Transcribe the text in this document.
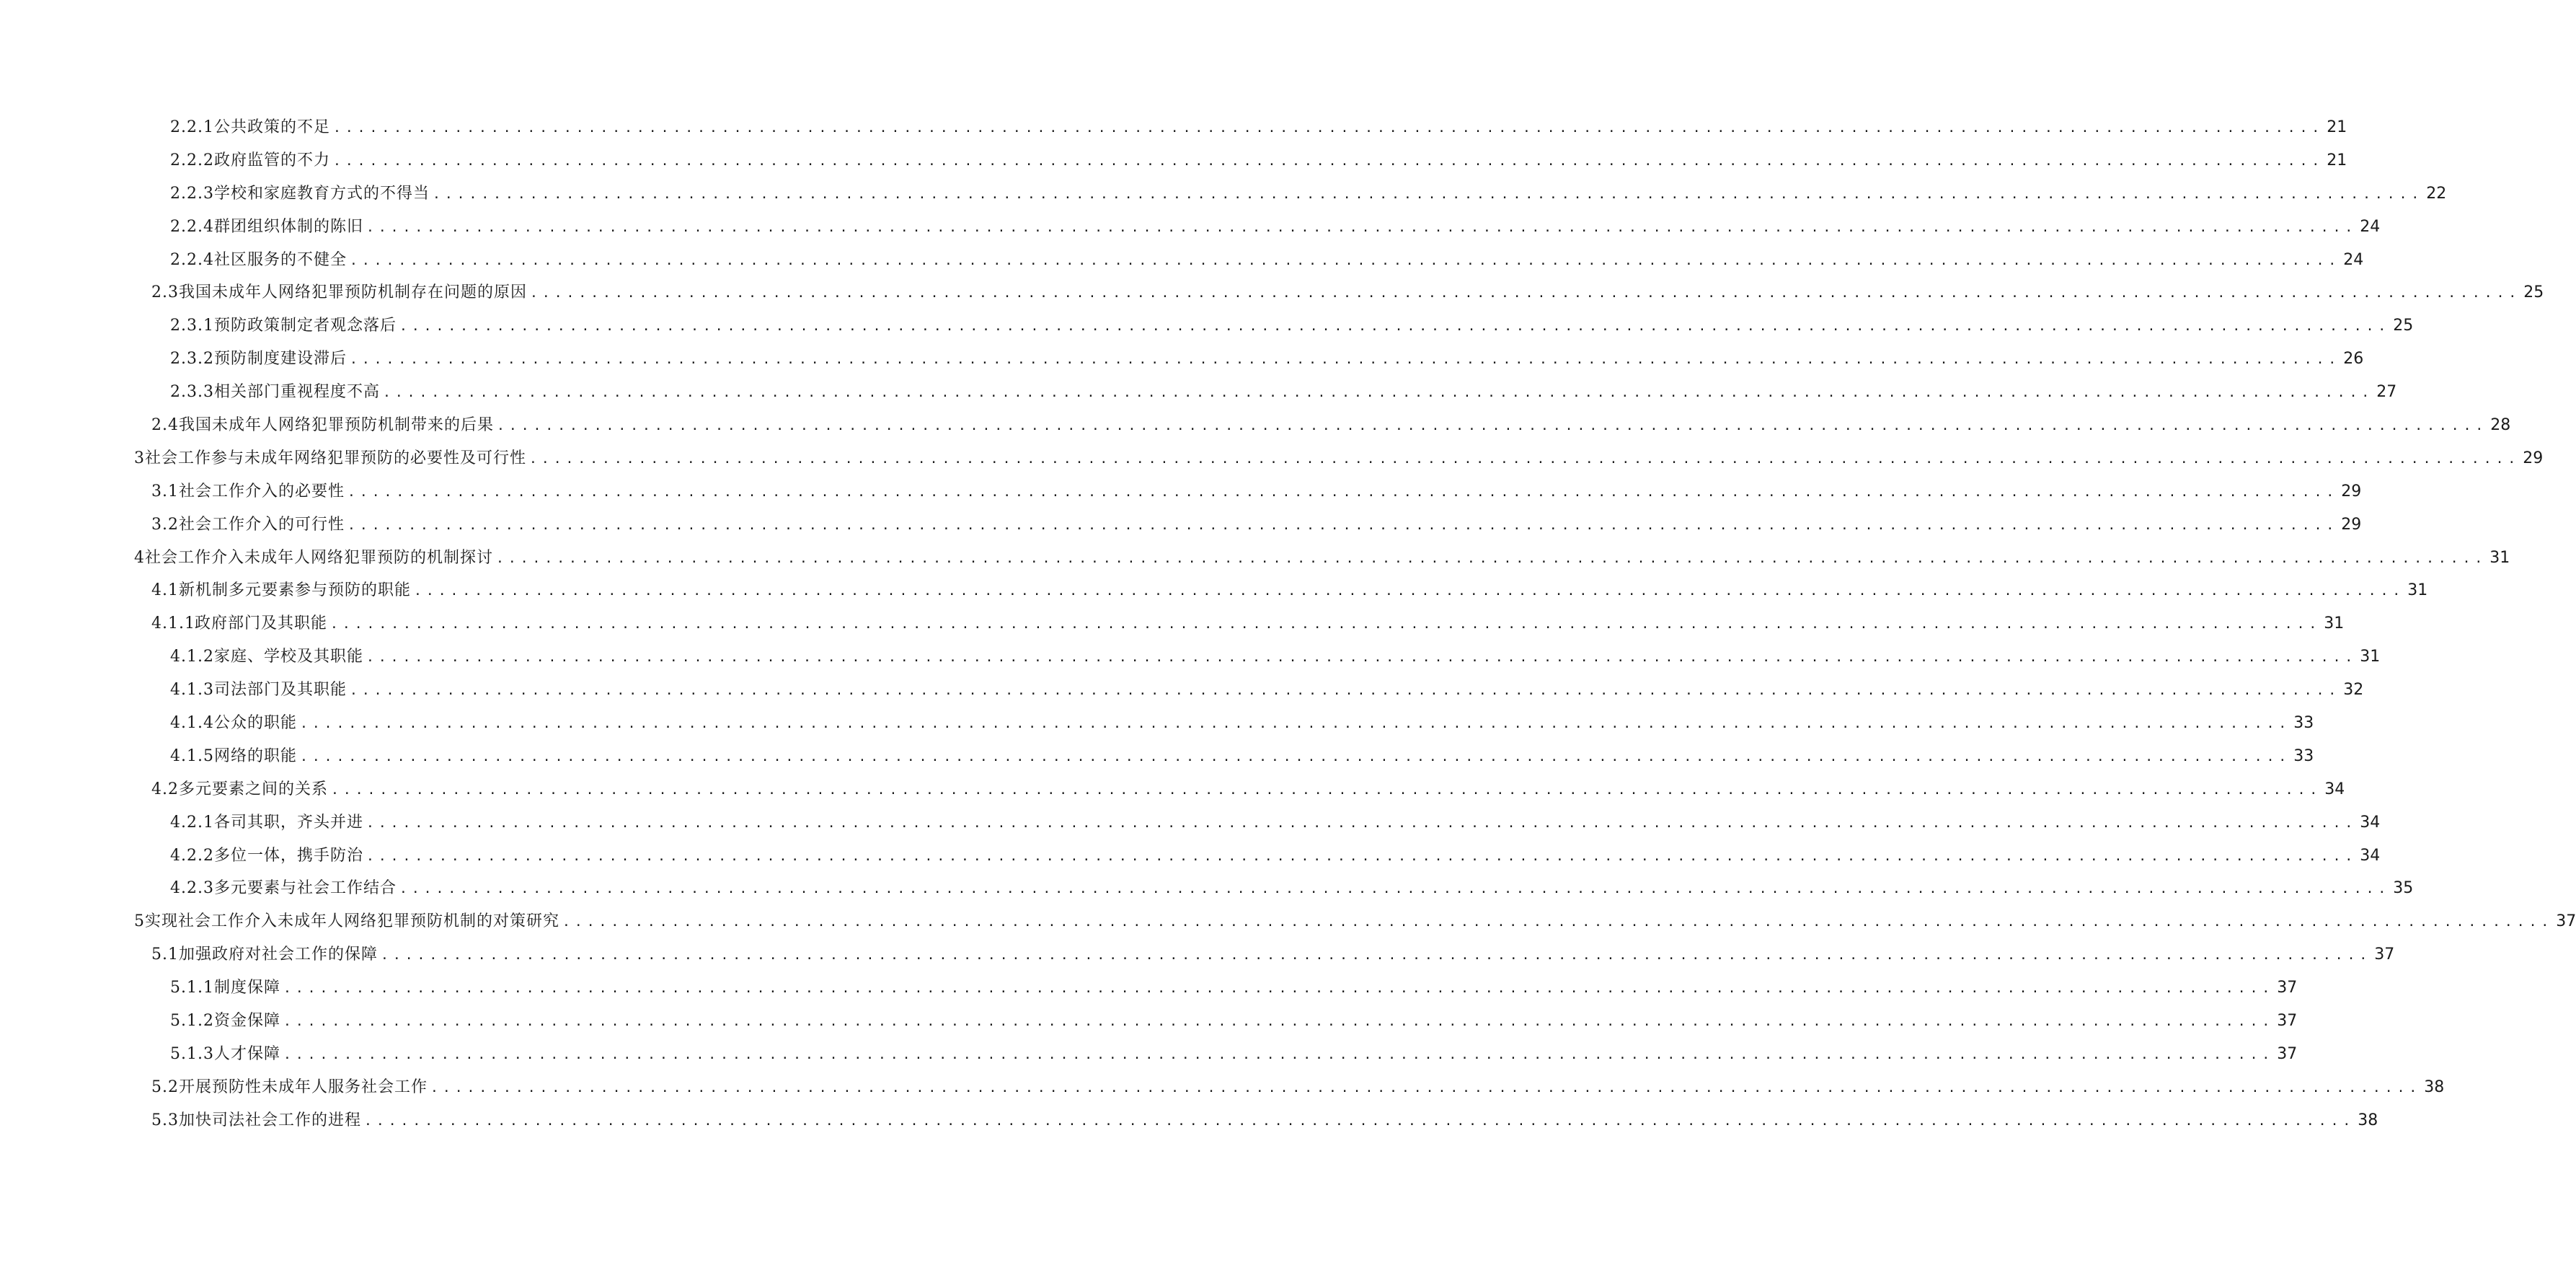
2.2.1 公共政策的不足 .....	21
2.2.2 政府监管的不力 .....	21
2.2.3 学校和家庭教育方式的不得当 .....	22
2.2.4 群团组织体制的陈旧 .....	24
2.2.4 社区服务的不健全 .....	24
2.3 我国未成年人网络犯罪预防机制存在问题的原因 .....	25
2.3.1 预防政策制定者观念落后 .....	25
2.3.2 预防制度建设滞后 .....	26
2.3.3 相关部门重视程度不高 .....	27
2.4 我国未成年人网络犯罪预防机制带来的后果 .....	28
3 社会工作参与未成年网络犯罪预防的必要性及可行性 .....	29
3.1 社会工作介入的必要性 .....	29
3.2 社会工作介入的可行性 .....	29
4 社会工作介入未成年人网络犯罪预防的机制探讨 .....	31
4.1 新机制多元要素参与预防的职能 .....	31
4.1.1 政府部门及其职能 .....	31
4.1.2 家庭、学校及其职能 .....	31
4.1.3 司法部门及其职能 .....	32
4.1.4 公众的职能 .....	33
4.1.5 网络的职能 .....	33
4.2 多元要素之间的关系 .....	34
4.2.1 各司其职，齐头并进 .....	34
4.2.2 多位一体，携手防治 .....	34
4.2.3 多元要素与社会工作结合 .....	35
5 实现社会工作介入未成年人网络犯罪预防机制的对策研究 .....	37
5.1 加强政府对社会工作的保障 .....	37
5.1.1 制度保障 .....	37
5.1.2 资金保障 .....	37
5.1.3 人才保障 .....	37
5.2 开展预防性未成年人服务社会工作 .....	38
5.3 加快司法社会工作的进程 .....	38
